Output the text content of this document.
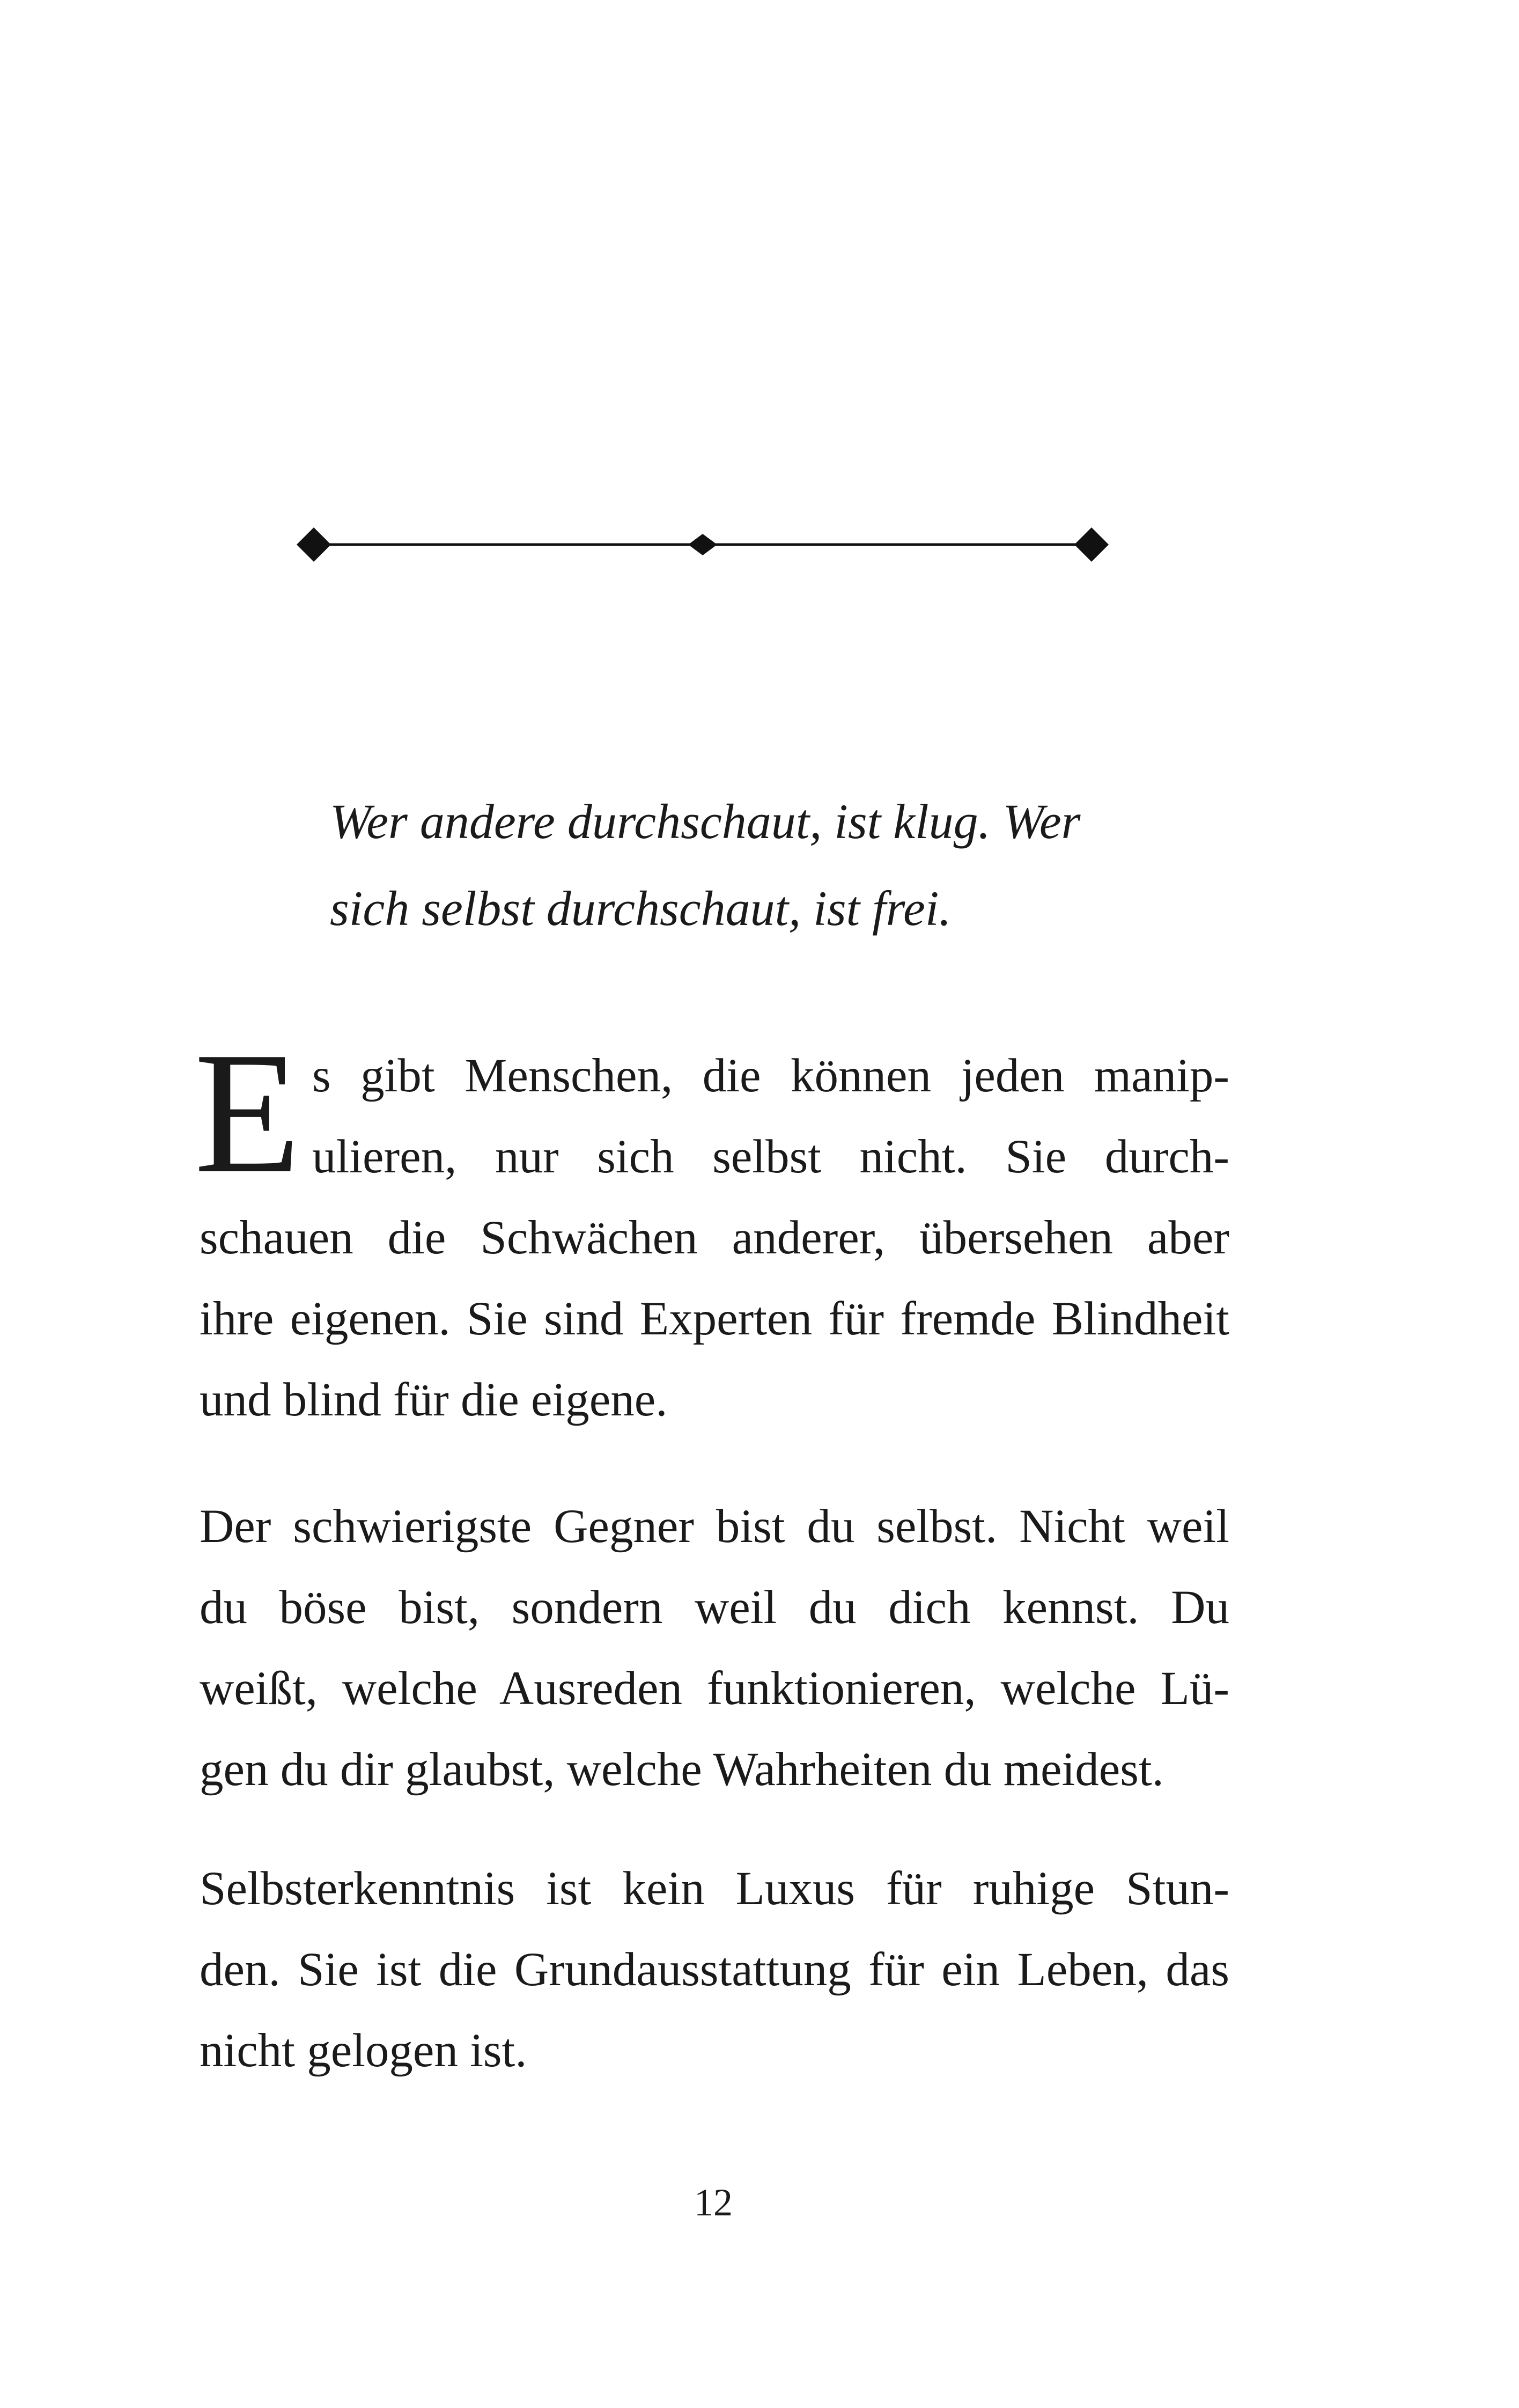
Wer andere durchschaut, ist klug. Wer
sich selbst durchschaut, ist frei.

E s gibt Menschen, die können jeden manip-
ulieren, nur sich selbst nicht. Sie durch-
schauen die Schwächen anderer, übersehen aber
ihre eigenen. Sie sind Experten für fremde Blindheit
und blind für die eigene.
Der schwierigste Gegner bist du selbst. Nicht weil
du böse bist, sondern weil du dich kennst. Du
weißt, welche Ausreden funktionieren, welche Lü-
gen du dir glaubst, welche Wahrheiten du meidest.
Selbsterkenntnis ist kein Luxus für ruhige Stun-
den. Sie ist die Grundausstattung für ein Leben, das
nicht gelogen ist.
12
